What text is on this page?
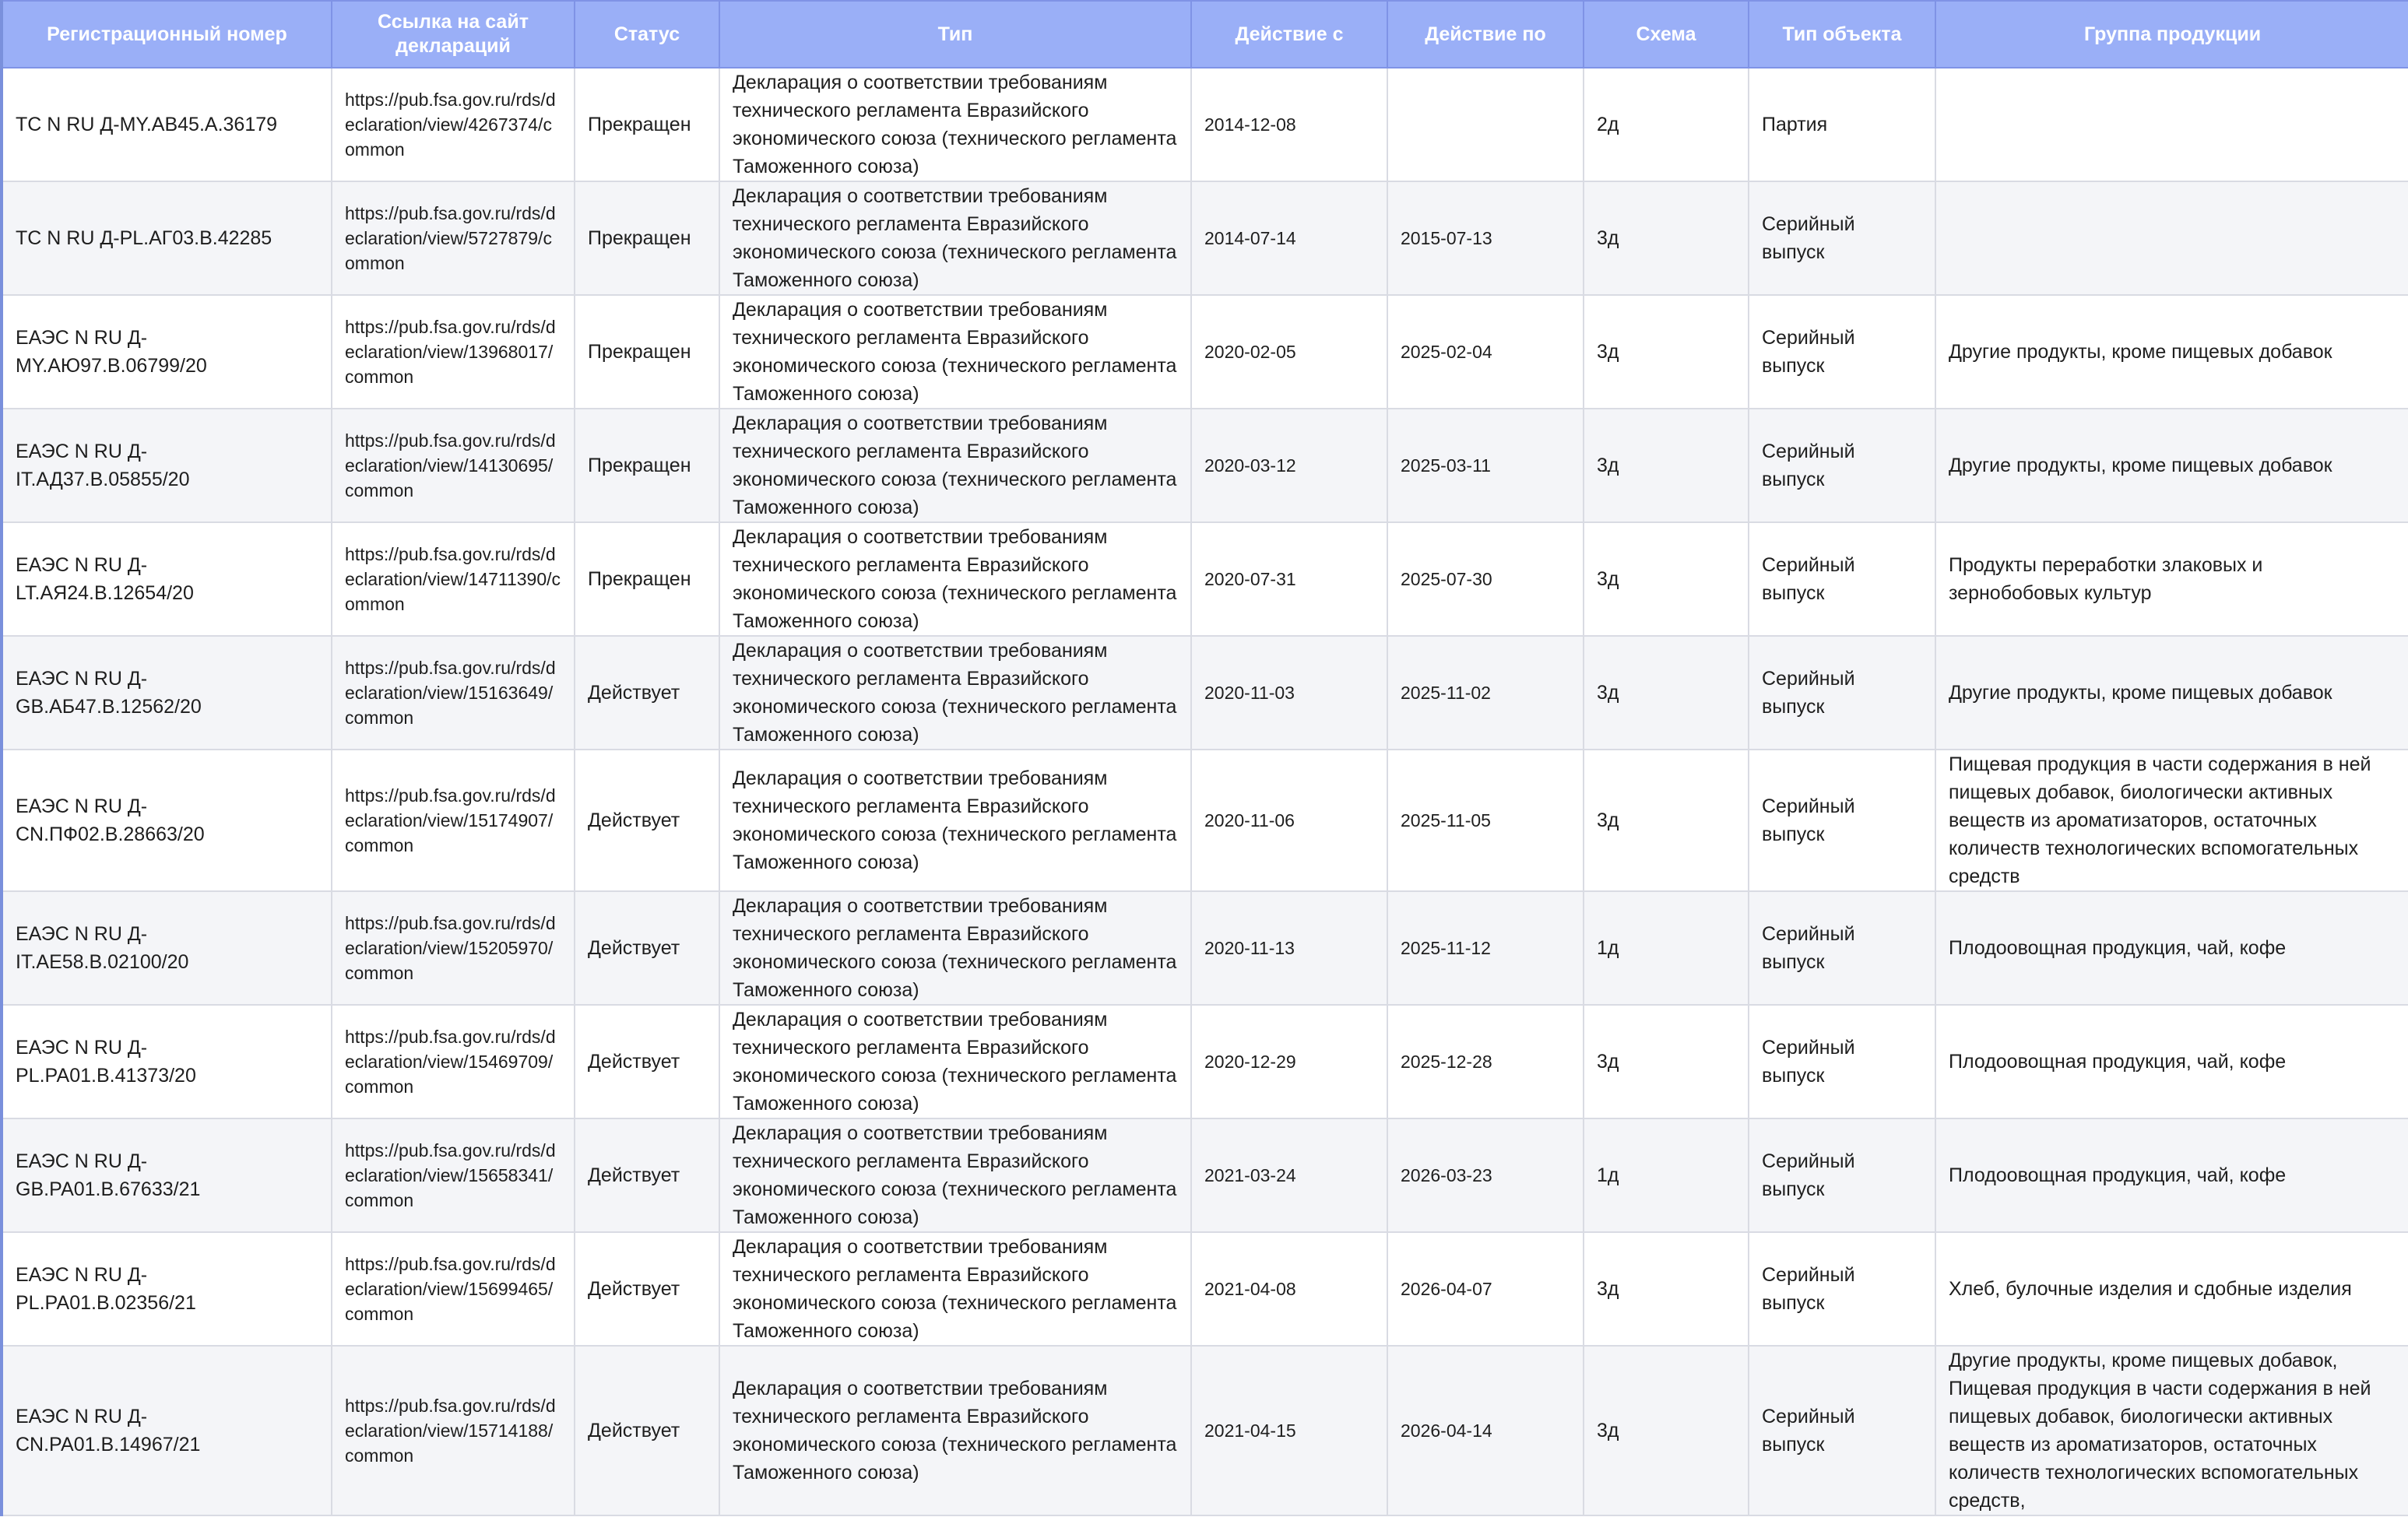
Регистрационный номер	Ссылка на сайт деклараций	Статус	Тип	Действие с	Действие по	Схема	Тип объекта	Группа продукции
ТС N RU Д-MY.АВ45.А.36179	https://pub.fsa.gov.ru/rds/declaration/view/4267374/common	Прекращен	Декларация о соответствии требованиям технического регламента Евразийского экономического союза (технического регламента Таможенного союза)	2014-12-08		2д	Партия	
ТС N RU Д-PL.АГ03.В.42285	https://pub.fsa.gov.ru/rds/declaration/view/5727879/common	Прекращен	Декларация о соответствии требованиям технического регламента Евразийского экономического союза (технического регламента Таможенного союза)	2014-07-14	2015-07-13	3д	Серийный выпуск	
ЕАЭС N RU Д-MY.АЮ97.В.06799/20	https://pub.fsa.gov.ru/rds/declaration/view/13968017/common	Прекращен	Декларация о соответствии требованиям технического регламента Евразийского экономического союза (технического регламента Таможенного союза)	2020-02-05	2025-02-04	3д	Серийный выпуск	Другие продукты, кроме пищевых добавок
ЕАЭС N RU Д-IT.АД37.В.05855/20	https://pub.fsa.gov.ru/rds/declaration/view/14130695/common	Прекращен	Декларация о соответствии требованиям технического регламента Евразийского экономического союза (технического регламента Таможенного союза)	2020-03-12	2025-03-11	3д	Серийный выпуск	Другие продукты, кроме пищевых добавок
ЕАЭС N RU Д-LT.АЯ24.В.12654/20	https://pub.fsa.gov.ru/rds/declaration/view/14711390/common	Прекращен	Декларация о соответствии требованиям технического регламента Евразийского экономического союза (технического регламента Таможенного союза)	2020-07-31	2025-07-30	3д	Серийный выпуск	Продукты переработки злаковых и зернобобовых культур
ЕАЭС N RU Д-GB.АБ47.В.12562/20	https://pub.fsa.gov.ru/rds/declaration/view/15163649/common	Действует	Декларация о соответствии требованиям технического регламента Евразийского экономического союза (технического регламента Таможенного союза)	2020-11-03	2025-11-02	3д	Серийный выпуск	Другие продукты, кроме пищевых добавок
ЕАЭС N RU Д-CN.ПФ02.В.28663/20	https://pub.fsa.gov.ru/rds/declaration/view/15174907/common	Действует	Декларация о соответствии требованиям технического регламента Евразийского экономического союза (технического регламента Таможенного союза)	2020-11-06	2025-11-05	3д	Серийный выпуск	Пищевая продукция в части содержания в ней пищевых добавок, биологически активных веществ из ароматизаторов, остаточных количеств технологических вспомогательных средств
ЕАЭС N RU Д-IT.АЕ58.В.02100/20	https://pub.fsa.gov.ru/rds/declaration/view/15205970/common	Действует	Декларация о соответствии требованиям технического регламента Евразийского экономического союза (технического регламента Таможенного союза)	2020-11-13	2025-11-12	1д	Серийный выпуск	Плодоовощная продукция, чай, кофе
ЕАЭС N RU Д-PL.РА01.В.41373/20	https://pub.fsa.gov.ru/rds/declaration/view/15469709/common	Действует	Декларация о соответствии требованиям технического регламента Евразийского экономического союза (технического регламента Таможенного союза)	2020-12-29	2025-12-28	3д	Серийный выпуск	Плодоовощная продукция, чай, кофе
ЕАЭС N RU Д-GB.РА01.В.67633/21	https://pub.fsa.gov.ru/rds/declaration/view/15658341/common	Действует	Декларация о соответствии требованиям технического регламента Евразийского экономического союза (технического регламента Таможенного союза)	2021-03-24	2026-03-23	1д	Серийный выпуск	Плодоовощная продукция, чай, кофе
ЕАЭС N RU Д-PL.РА01.В.02356/21	https://pub.fsa.gov.ru/rds/declaration/view/15699465/common	Действует	Декларация о соответствии требованиям технического регламента Евразийского экономического союза (технического регламента Таможенного союза)	2021-04-08	2026-04-07	3д	Серийный выпуск	Хлеб, булочные изделия и сдобные изделия
ЕАЭС N RU Д-CN.РА01.В.14967/21	https://pub.fsa.gov.ru/rds/declaration/view/15714188/common	Действует	Декларация о соответствии требованиям технического регламента Евразийского экономического союза (технического регламента Таможенного союза)	2021-04-15	2026-04-14	3д	Серийный выпуск	Другие продукты, кроме пищевых добавок, Пищевая продукция в части содержания в ней пищевых добавок, биологически активных веществ из ароматизаторов, остаточных количеств технологических вспомогательных средств,
